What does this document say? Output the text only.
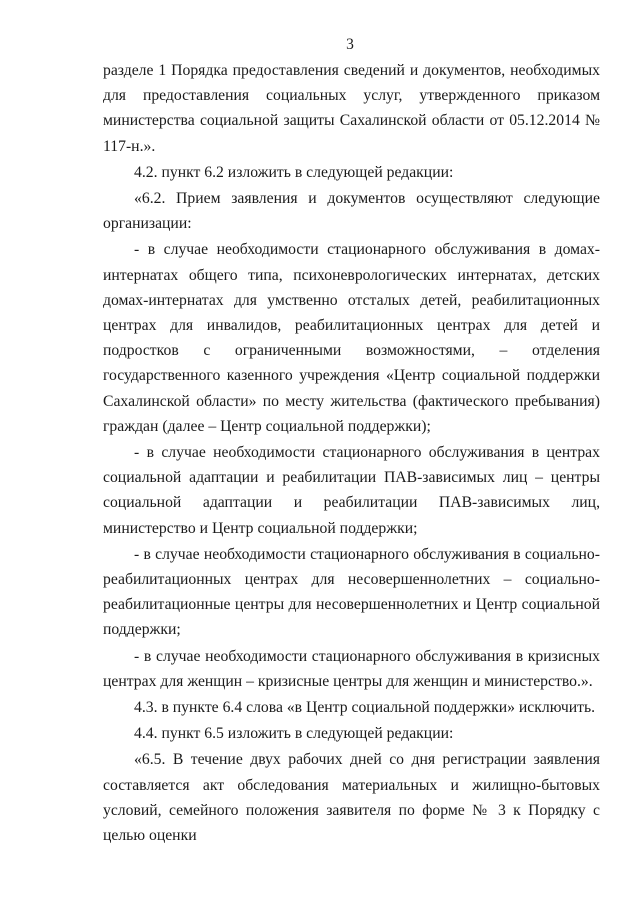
3

разделе 1 Порядка предоставления сведений и документов, необходимых для предоставления социальных услуг, утвержденного приказом министерства социальной защиты Сахалинской области от 05.12.2014 № 117-н.».

4.2. пункт 6.2 изложить в следующей редакции:

«6.2. Прием заявления и документов осуществляют следующие организации:

- в случае необходимости стационарного обслуживания в домах-интернатах общего типа, психоневрологических интернатах, детских домах-интернатах для умственно отсталых детей, реабилитационных центрах для инвалидов, реабилитационных центрах для детей и подростков с ограниченными возможностями, – отделения государственного казенного учреждения «Центр социальной поддержки Сахалинской области» по месту жительства (фактического пребывания) граждан (далее – Центр социальной поддержки);

- в случае необходимости стационарного обслуживания в центрах социальной адаптации и реабилитации ПАВ-зависимых лиц – центры социальной адаптации и реабилитации ПАВ-зависимых лиц, министерство и Центр социальной поддержки;

- в случае необходимости стационарного обслуживания в социально-реабилитационных центрах для несовершеннолетних – социально-реабилитационные центры для несовершеннолетних и Центр социальной поддержки;

- в случае необходимости стационарного обслуживания в кризисных центрах для женщин – кризисные центры для женщин и министерство.».

4.3. в пункте 6.4 слова «в Центр социальной поддержки» исключить.

4.4. пункт 6.5 изложить в следующей редакции:

«6.5. В течение двух рабочих дней со дня регистрации заявления составляется акт обследования материальных и жилищно-бытовых условий, семейного положения заявителя по форме № 3 к Порядку с целью оценки
